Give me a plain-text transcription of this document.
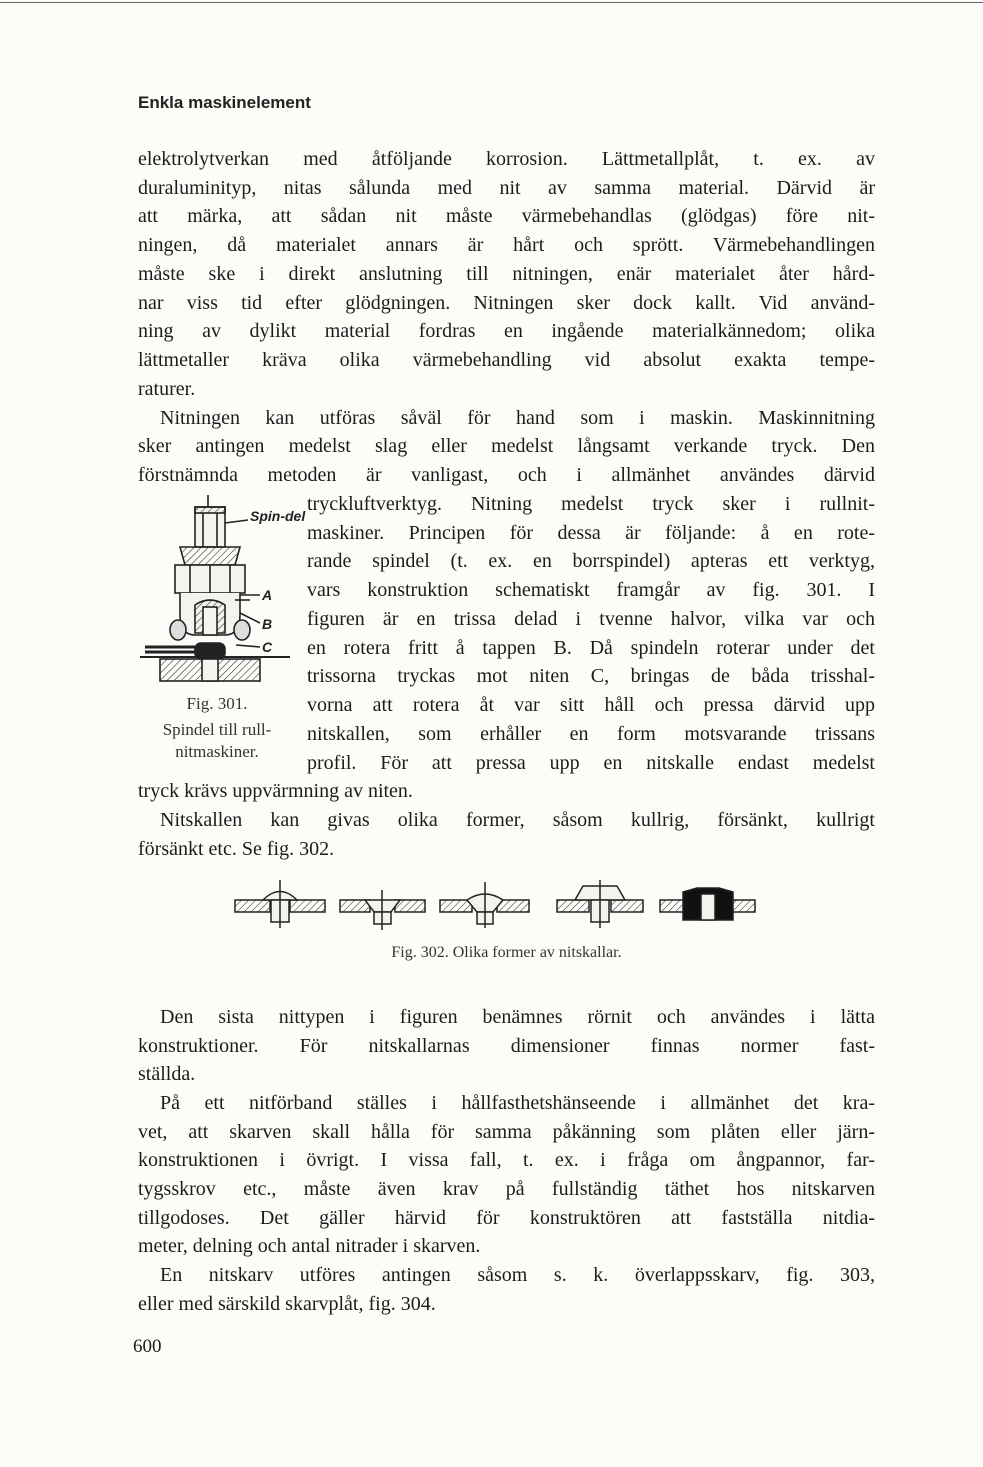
Enkla maskinelement
elektrolytverkan med åtföljande korrosion. Lättmetallplåt, t. ex. av
duraluminityp, nitas sålunda med nit av samma material. Därvid är
att märka, att sådan nit måste värmebehandlas (glödgas) före nit-
ningen, då materialet annars är hårt och sprött. Värmebehandlingen
måste ske i direkt anslutning till nitningen, enär materialet åter hård-
nar viss tid efter glödgningen. Nitningen sker dock kallt. Vid använd-
ning av dylikt material fordras en ingående materialkännedom; olika
lättmetaller kräva olika värmebehandling vid absolut exakta tempe-
raturer.
Nitningen kan utföras såväl för hand som i maskin. Maskinnitning
sker antingen medelst slag eller medelst långsamt verkande tryck. Den
förstnämnda metoden är vanligast, och i allmänhet användes därvid
tryckluftverktyg. Nitning medelst tryck sker i rullnit-
maskiner. Principen för dessa är följande: å en rote-
rande spindel (t. ex. en borrspindel) apteras ett verktyg,
vars konstruktion schematiskt framgår av fig. 301. I
figuren är en trissa delad i tvenne halvor, vilka var och
en rotera fritt å tappen B. Då spindeln roterar under det
trissorna tryckas mot niten C, bringas de båda trisshal-
vorna att rotera åt var sitt håll och pressa därvid upp
nitskallen, som erhåller en form motsvarande trissans
profil. För att pressa upp en nitskalle endast medelst
tryck krävs uppvärmning av niten.
Nitskallen kan givas olika former, såsom kullrig, försänkt, kullrigt
försänkt etc. Se fig. 302.
Spin-del
A
B
C
Fig. 301.
Spindel till rull-
nitmaskiner.
Fig. 302. Olika former av nitskallar.
Den sista nittypen i figuren benämnes rörnit och användes i lätta
konstruktioner. För nitskallarnas dimensioner finnas normer fast-
ställda.
På ett nitförband ställes i hållfasthetshänseende i allmänhet det kra-
vet, att skarven skall hålla för samma påkänning som plåten eller järn-
konstruktionen i övrigt. I vissa fall, t. ex. i fråga om ångpannor, far-
tygsskrov etc., måste även krav på fullständig täthet hos nitskarven
tillgodoses. Det gäller härvid för konstruktören att fastställa nitdia-
meter, delning och antal nitrader i skarven.
En nitskarv utföres antingen såsom s. k. överlappsskarv, fig. 303,
eller med särskild skarvplåt, fig. 304.
600
